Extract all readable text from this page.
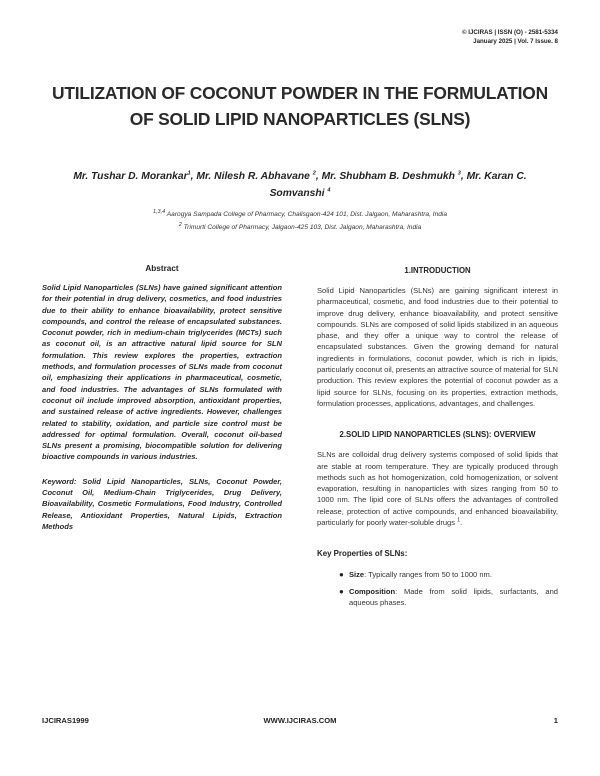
© IJCIRAS | ISSN (O) - 2581-5334
January 2025 | Vol. 7 Issue. 8
UTILIZATION OF COCONUT POWDER IN THE FORMULATION OF SOLID LIPID NANOPARTICLES (SLNS)

Mr. Tushar D. Morankar$^1$, Mr. Nilesh R. Abhavane $^2$, Mr. Shubham B. Deshmukh $^3$, Mr. Karan C. Somvanshi $^4$

$^{1,3,4}$ Aarogya Sampada College of Pharmacy, Chalisgaon-424 101, Dist. Jalgaon, Maharashtra, India
$^2$ Trimurti College of Pharmacy, Jalgaon-425 103, Dist. Jalgaon, Maharashtra, India
Abstract

Solid Lipid Nanoparticles (SLNs) have gained significant attention for their potential in drug delivery, cosmetics, and food industries due to their ability to enhance bioavailability, protect sensitive compounds, and control the release of encapsulated substances. Coconut powder, rich in medium-chain triglycerides (MCTs) such as coconut oil, is an attractive natural lipid source for SLN formulation. This review explores the properties, extraction methods, and formulation processes of SLNs made from coconut oil, emphasizing their applications in pharmaceutical, cosmetic, and food industries. The advantages of SLNs formulated with coconut oil include improved absorption, antioxidant properties, and sustained release of active ingredients. However, challenges related to stability, oxidation, and particle size control must be addressed for optimal formulation. Overall, coconut oil-based SLNs present a promising, biocompatible solution for delivering bioactive compounds in various industries.

Keyword: Solid Lipid Nanoparticles, SLNs, Coconut Powder, Coconut Oil, Medium-Chain Triglycerides, Drug Delivery, Bioavailability, Cosmetic Formulations, Food Industry, Controlled Release, Antioxidant Properties, Natural Lipids, Extraction Methods

1.INTRODUCTION

Solid Lipid Nanoparticles (SLNs) are gaining significant interest in pharmaceutical, cosmetic, and food industries due to their potential to improve drug delivery, enhance bioavailability, and protect sensitive compounds. SLNs are composed of solid lipids stabilized in an aqueous phase, and they offer a unique way to control the release of encapsulated substances. Given the growing demand for natural ingredients in formulations, coconut powder, which is rich in lipids, particularly coconut oil, presents an attractive source of material for SLN production. This review explores the potential of coconut powder as a lipid source for SLNs, focusing on its properties, extraction methods, formulation processes, applications, advantages, and challenges.

2.SOLID LIPID NANOPARTICLES (SLNS): OVERVIEW

SLNs are colloidal drug delivery systems composed of solid lipids that are stable at room temperature. They are typically produced through methods such as hot homogenization, cold homogenization, or solvent evaporation, resulting in nanoparticles with sizes ranging from 50 to 1000 nm. The lipid core of SLNs offers the advantages of controlled release, protection of active compounds, and enhanced bioavailability, particularly for poorly water-soluble drugs $^1$.

Key Properties of SLNs:
● Size: Typically ranges from 50 to 1000 nm.
● Composition: Made from solid lipids, surfactants, and aqueous phases.
IJCIRAS1999	WWW.IJCIRAS.COM	1
